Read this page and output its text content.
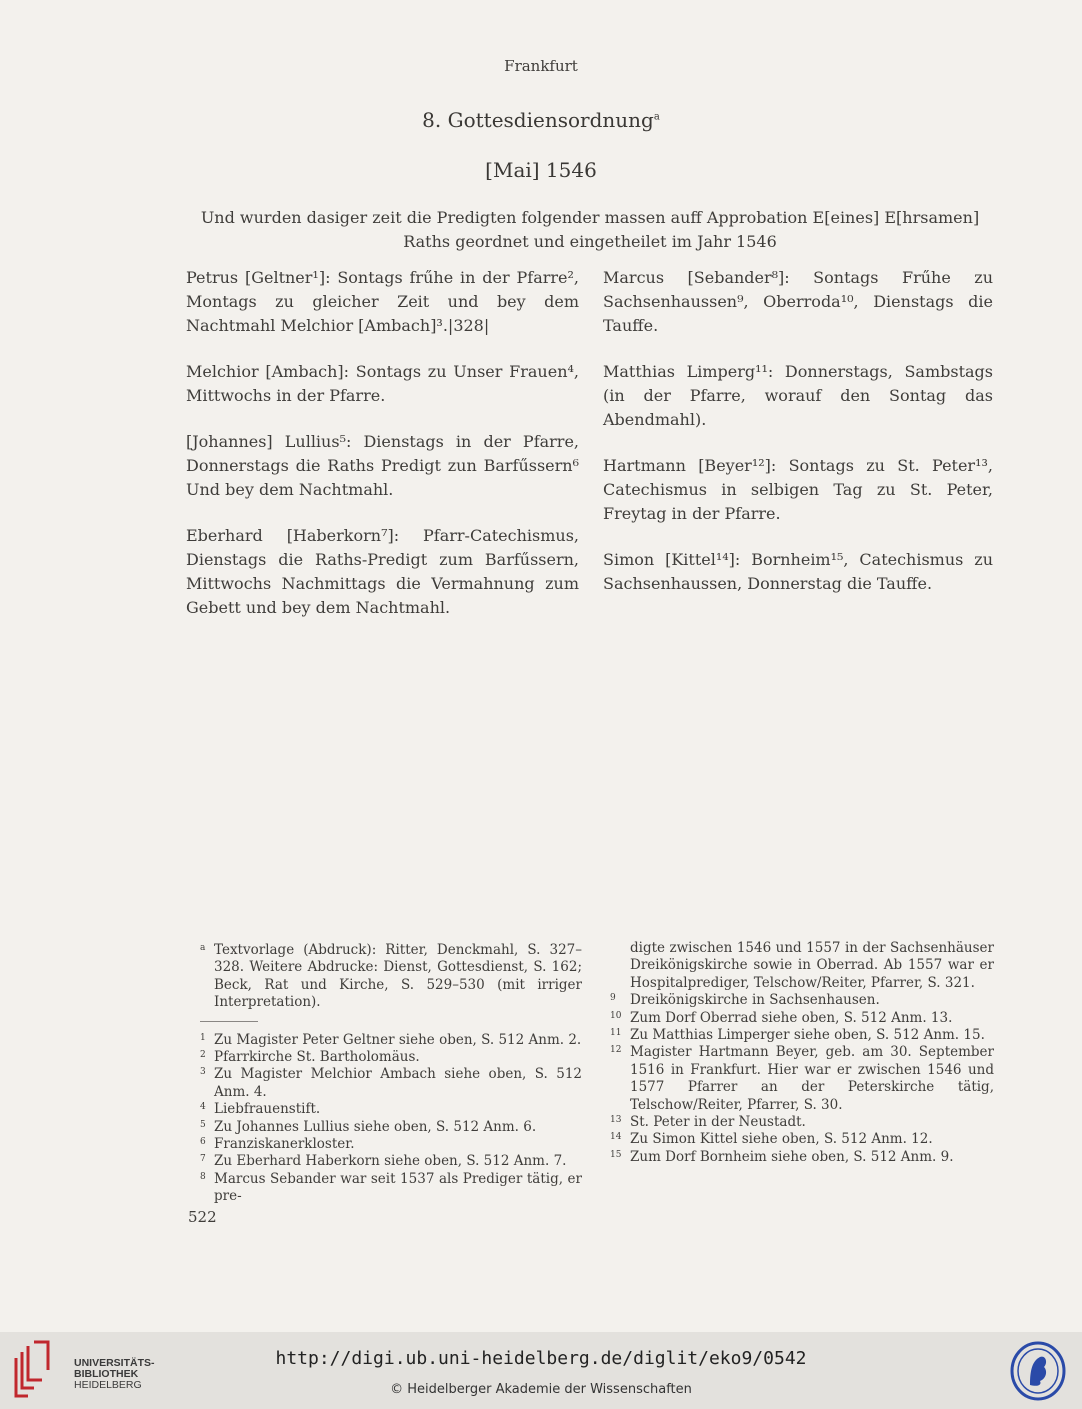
Frankfurt
8. Gottesdiensordnung$^a$
[Mai] 1546
Und wurden dasiger zeit die Predigten folgender massen auff Approbation E[eines] E[hrsamen] Raths geordnet und eingetheilet im Jahr 1546

Petrus [Geltner¹]: Sontags frűhe in der Pfarre², Montags zu gleicher Zeit und bey dem Nachtmahl Melchior [Ambach]³.|328|

Melchior [Ambach]: Sontags zu Unser Frauen⁴, Mittwochs in der Pfarre.

[Johannes] Lullius⁵: Dienstags in der Pfarre, Donnerstags die Raths Predigt zun Barfűssern⁶ Und bey dem Nachtmahl.

Eberhard [Haberkorn⁷]: Pfarr-Catechismus, Dienstags die Raths-Predigt zum Barfűssern, Mittwochs Nachmittags die Vermahnung zum Gebett und bey dem Nachtmahl.

Marcus [Sebander⁸]: Sontags Frűhe zu Sachsenhaussen⁹, Oberroda¹⁰, Dienstags die Tauffe.

Matthias Limperg¹¹: Donnerstags, Sambstags (in der Pfarre, worauf den Sontag das Abendmahl).

Hartmann [Beyer¹²]: Sontags zu St. Peter¹³, Catechismus in selbigen Tag zu St. Peter, Freytag in der Pfarre.

Simon [Kittel¹⁴]: Bornheim¹⁵, Catechismus zu Sachsenhaussen, Donnerstag die Tauffe.

a Textvorlage (Abdruck): Ritter, Denckmahl, S. 327–328. Weitere Abdrucke: Dienst, Gottesdienst, S. 162; Beck, Rat und Kirche, S. 529–530 (mit irriger Interpretation).
1 Zu Magister Peter Geltner siehe oben, S. 512 Anm. 2.
2 Pfarrkirche St. Bartholomäus.
3 Zu Magister Melchior Ambach siehe oben, S. 512 Anm. 4.
4 Liebfrauenstift.
5 Zu Johannes Lullius siehe oben, S. 512 Anm. 6.
6 Franziskanerkloster.
7 Zu Eberhard Haberkorn siehe oben, S. 512 Anm. 7.
8 Marcus Sebander war seit 1537 als Prediger tätig, er pre-
digte zwischen 1546 und 1557 in der Sachsenhäuser Dreikönigskirche sowie in Oberrad. Ab 1557 war er Hospitalprediger, Telschow/Reiter, Pfarrer, S. 321.
9 Dreikönigskirche in Sachsenhausen.
10 Zum Dorf Oberrad siehe oben, S. 512 Anm. 13.
11 Zu Matthias Limperger siehe oben, S. 512 Anm. 15.
12 Magister Hartmann Beyer, geb. am 30. September 1516 in Frankfurt. Hier war er zwischen 1546 und 1577 Pfarrer an der Peterskirche tätig, Telschow/Reiter, Pfarrer, S. 30.
13 St. Peter in der Neustadt.
14 Zu Simon Kittel siehe oben, S. 512 Anm. 12.
15 Zum Dorf Bornheim siehe oben, S. 512 Anm. 9.
522
UNIVERSITÄTS-
BIBLIOTHEK
HEIDELBERG
http://digi.ub.uni-heidelberg.de/diglit/eko9/0542
© Heidelberger Akademie der Wissenschaften
